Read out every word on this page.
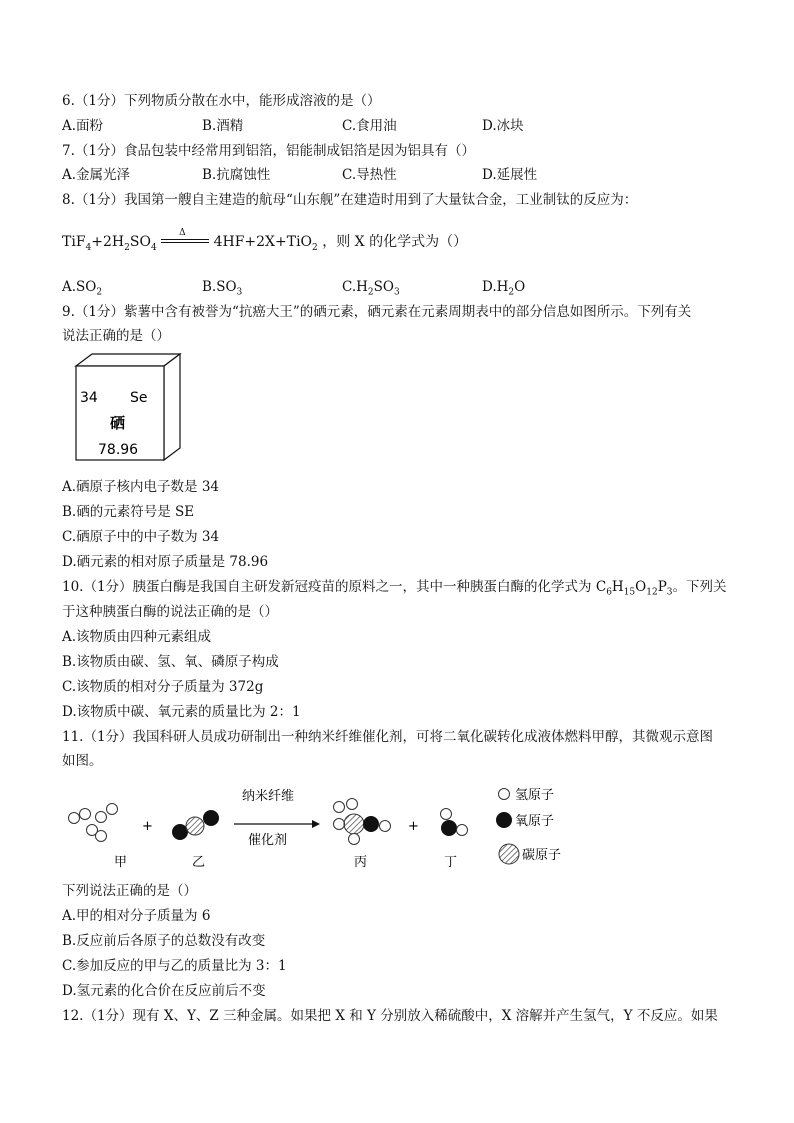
6.（1分）下列物质分散在水中，能形成溶液的是（）
A.面粉	B.酒精	C.食用油	D.冰块
7.（1分）食品包装中经常用到铝箔，铝能制成铝箔是因为铝具有（）
A.金属光泽	B.抗腐蚀性	C.导热性	D.延展性
8.（1分）我国第一艘自主建造的航母“山东舰”在建造时用到了大量钛合金，工业制钛的反应为：
$TiF_4+2H_2SO_4$
Δ
4HF+2X+TiO$_2$ ，则 X 的化学式为（）
$A.SO_2$	$B.SO_3$	$C.H_2SO_3$	$D.H_2O$
9.（1分）紫薯中含有被誉为“抗癌大王”的硒元素，硒元素在元素周期表中的部分信息如图所示。下列有关
说法正确的是（）
34 Se
硒
78.96
A.硒原子核内电子数是 34
B.硒的元素符号是 SE
C.硒原子中的中子数为 34
D.硒元素的相对原子质量是 78.96
10.（1分）胰蛋白酶是我国自主研发新冠疫苗的原料之一，其中一种胰蛋白酶的化学式为 $C_6H_{15}O_{12}P_3$。下列关
于这种胰蛋白酶的说法正确的是（）
A.该物质由四种元素组成
B.该物质由碳、氢、氧、磷原子构成
C.该物质的相对分子质量为 372g
D.该物质中碳、氧元素的质量比为 2：1
11.（1分）我国科研人员成功研制出一种纳米纤维催化剂，可将二氧化碳转化成液体燃料甲醇，其微观示意图
如图。
甲
+
乙
纳米纤维
催化剂
丙
+
丁
氢原子
氧原子
碳原子
下列说法正确的是（）
A.甲的相对分子质量为 6
B.反应前后各原子的总数没有改变
C.参加反应的甲与乙的质量比为 3：1
D.氢元素的化合价在反应前后不变
12.（1分）现有 X、Y、Z 三种金属。如果把 X 和 Y 分别放入稀硫酸中，X 溶解并产生氢气，Y 不反应。如果
